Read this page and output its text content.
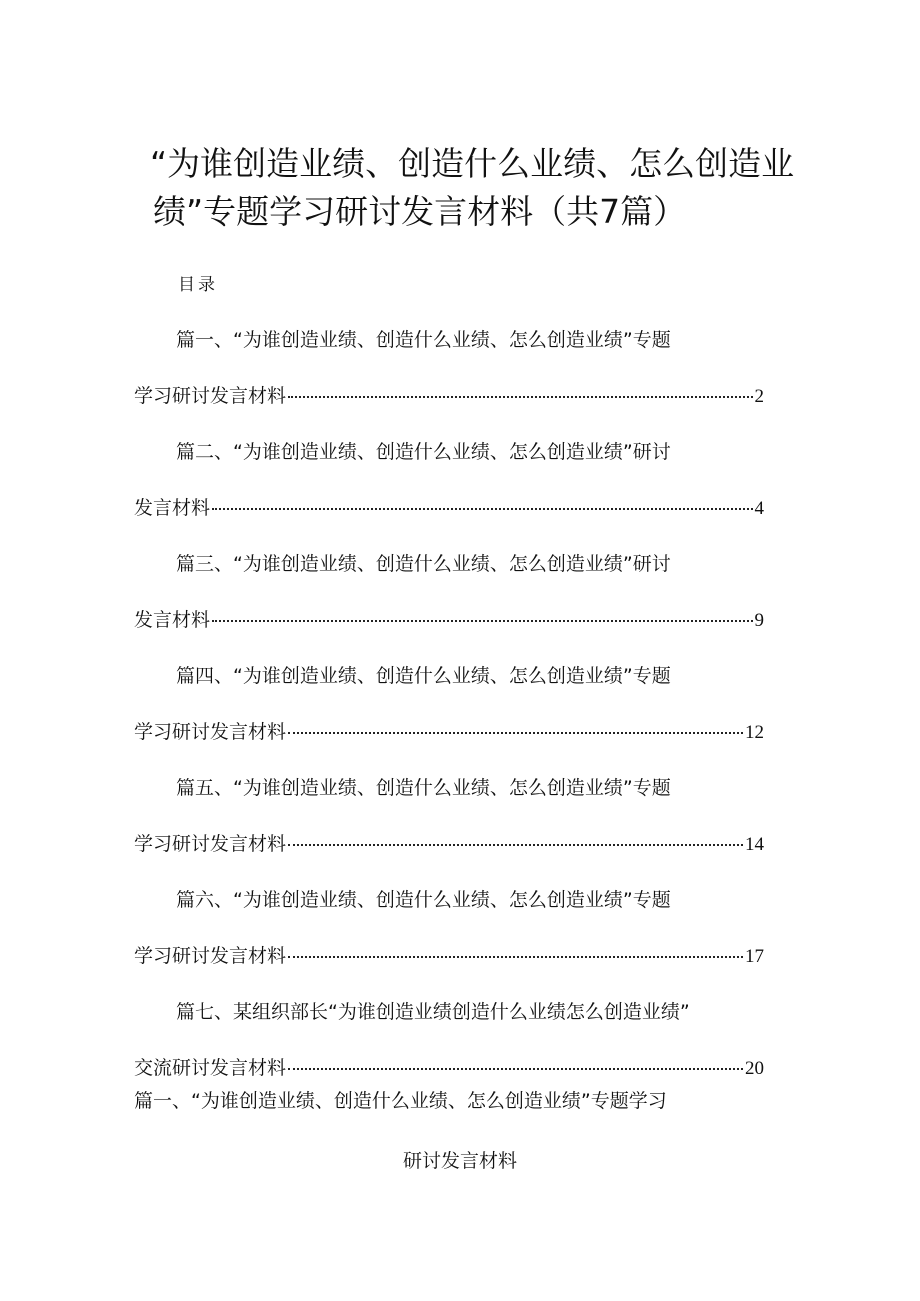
“为谁创造业绩、创造什么业绩、怎么创造业
绩”专题学习研讨发言材料（共7篇）

目录

篇一、“为谁创造业绩、创造什么业绩、怎么创造业绩”专题
学习研讨发言材料	2
篇二、“为谁创造业绩、创造什么业绩、怎么创造业绩”研讨
发言材料	4
篇三、“为谁创造业绩、创造什么业绩、怎么创造业绩”研讨
发言材料	9
篇四、“为谁创造业绩、创造什么业绩、怎么创造业绩”专题
学习研讨发言材料	12
篇五、“为谁创造业绩、创造什么业绩、怎么创造业绩”专题
学习研讨发言材料	14
篇六、“为谁创造业绩、创造什么业绩、怎么创造业绩”专题
学习研讨发言材料	17
篇七、某组织部长“为谁创造业绩创造什么业绩怎么创造业绩”
交流研讨发言材料	20
篇一、“为谁创造业绩、创造什么业绩、怎么创造业绩”专题学习
研讨发言材料
